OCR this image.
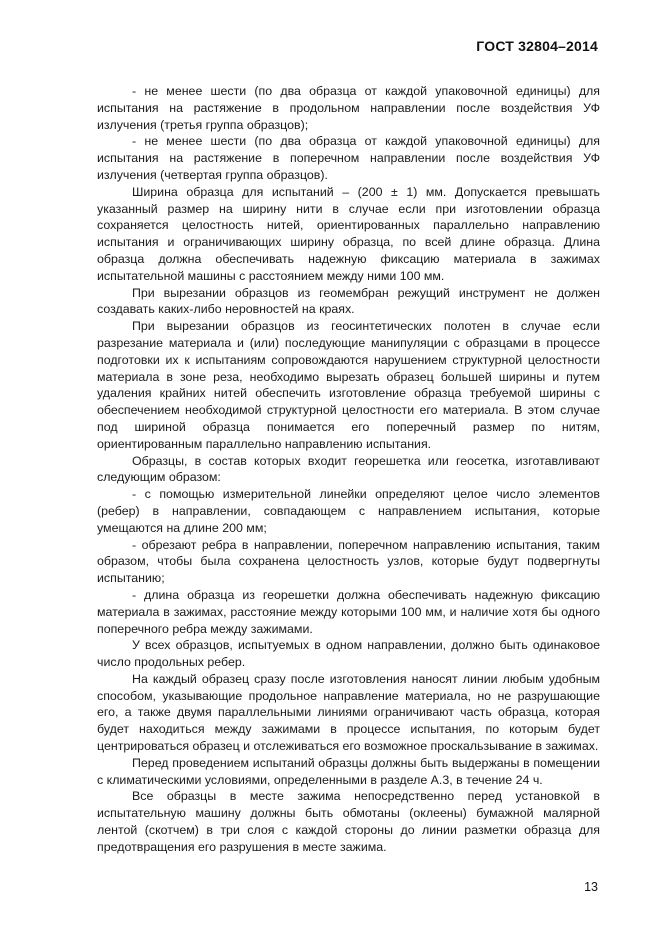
ГОСТ 32804–2014

- не менее шести (по два образца от каждой упаковочной единицы) для испытания на растяжение в продольном направлении после воздействия УФ излучения (третья группа образцов);

- не менее шести (по два образца от каждой упаковочной единицы) для испытания на растяжение в поперечном направлении после воздействия УФ излучения (четвертая группа образцов).

Ширина образца для испытаний – (200 ± 1) мм. Допускается превышать указанный размер на ширину нити в случае если при изготовлении образца сохраняется целостность нитей, ориентированных параллельно направлению испытания и ограничивающих ширину образца, по всей длине образца. Длина образца должна обеспечивать надежную фиксацию материала в зажимах испытательной машины с расстоянием между ними 100 мм.

При вырезании образцов из геомембран режущий инструмент не должен создавать каких-либо неровностей на краях.

При вырезании образцов из геосинтетических полотен в случае если разрезание материала и (или) последующие манипуляции с образцами в процессе подготовки их к испытаниям сопровождаются нарушением структурной целостности материала в зоне реза, необходимо вырезать образец большей ширины и путем удаления крайних нитей обеспечить изготовление образца требуемой ширины с обеспечением необходимой структурной целостности его материала. В этом случае под шириной образца понимается его поперечный размер по нитям, ориентированным параллельно направлению испытания.

Образцы, в состав которых входит георешетка или геосетка, изготавливают следующим образом:

- с помощью измерительной линейки определяют целое число элементов (ребер) в направлении, совпадающем с направлением испытания, которые умещаются на длине 200 мм;

- обрезают ребра в направлении, поперечном направлению испытания, таким образом, чтобы была сохранена целостность узлов, которые будут подвергнуты испытанию;

- длина образца из георешетки должна обеспечивать надежную фиксацию материала в зажимах, расстояние между которыми 100 мм, и наличие хотя бы одного поперечного ребра между зажимами.

У всех образцов, испытуемых в одном направлении, должно быть одинаковое число продольных ребер.

На каждый образец сразу после изготовления наносят линии любым удобным способом, указывающие продольное направление материала, но не разрушающие его, а также двумя параллельными линиями ограничивают часть образца, которая будет находиться между зажимами в процессе испытания, по которым будет центрироваться образец и отслеживаться его возможное проскальзывание в зажимах.

Перед проведением испытаний образцы должны быть выдержаны в помещении с климатическими условиями, определенными в разделе А.3, в течение 24 ч.

Все образцы в месте зажима непосредственно перед установкой в испытательную машину должны быть обмотаны (оклеены) бумажной малярной лентой (скотчем) в три слоя с каждой стороны до линии разметки образца для предотвращения его разрушения в месте зажима.

13
